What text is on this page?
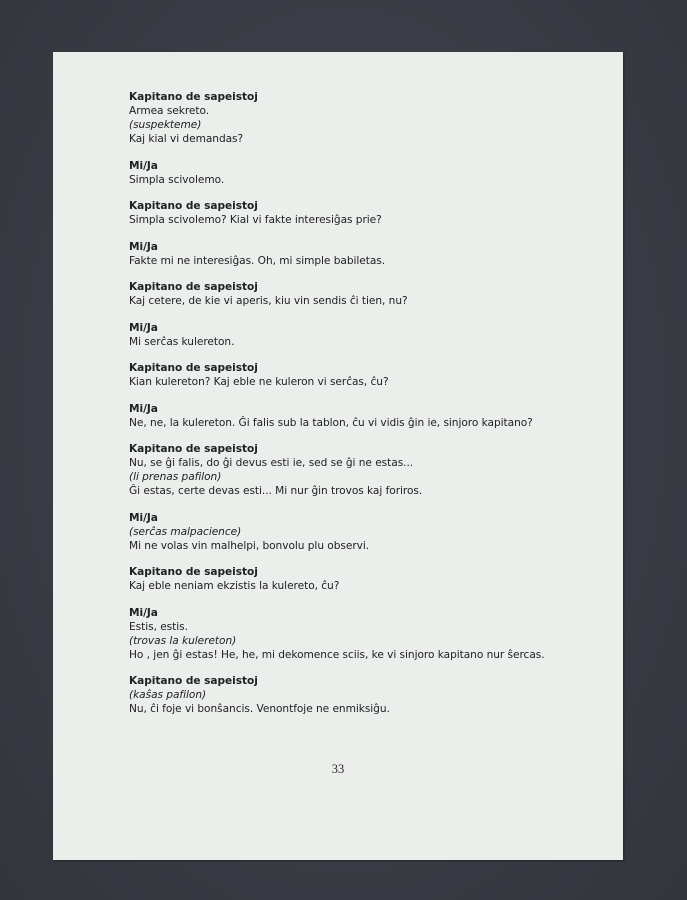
Kapitano de sapeistoj
Armea sekreto.
(suspekteme)
Kaj kial vi demandas?
Mi/Ja
Simpla scivolemo.
Kapitano de sapeistoj
Simpla scivolemo? Kial vi fakte interesiĝas prie?
Mi/Ja
Fakte mi ne interesiĝas. Oh, mi simple babiletas.
Kapitano de sapeistoj
Kaj cetere, de kie vi aperis, kiu vin sendis ĉi tien, nu?
Mi/Ja
Mi serĉas kulereton.
Kapitano de sapeistoj
Kian kulereton? Kaj eble ne kuleron vi serĉas, ĉu?
Mi/Ja
Ne, ne, la kulereton. Ĝi falis sub la tablon, ĉu vi vidis ĝin ie, sinjoro kapitano?
Kapitano de sapeistoj
Nu, se ĝi falis, do ĝi devus esti ie, sed se ĝi ne estas...
(li prenas pafilon)
Ĝi estas, certe devas esti... Mi nur ĝin trovos kaj foriros.
Mi/Ja
(serĉas malpacience)
Mi ne volas vin malhelpi, bonvolu plu observi.
Kapitano de sapeistoj
Kaj eble neniam ekzistis la kulereto, ĉu?
Mi/Ja
Estis, estis.
(trovas la kulereton)
Ho , jen ĝi estas! He, he, mi dekomence sciis, ke vi sinjoro kapitano nur ŝercas.
Kapitano de sapeistoj
(kaŝas pafilon)
Nu, ĉi foje vi bonŝancis. Venontfoje ne enmiksiĝu.
33
